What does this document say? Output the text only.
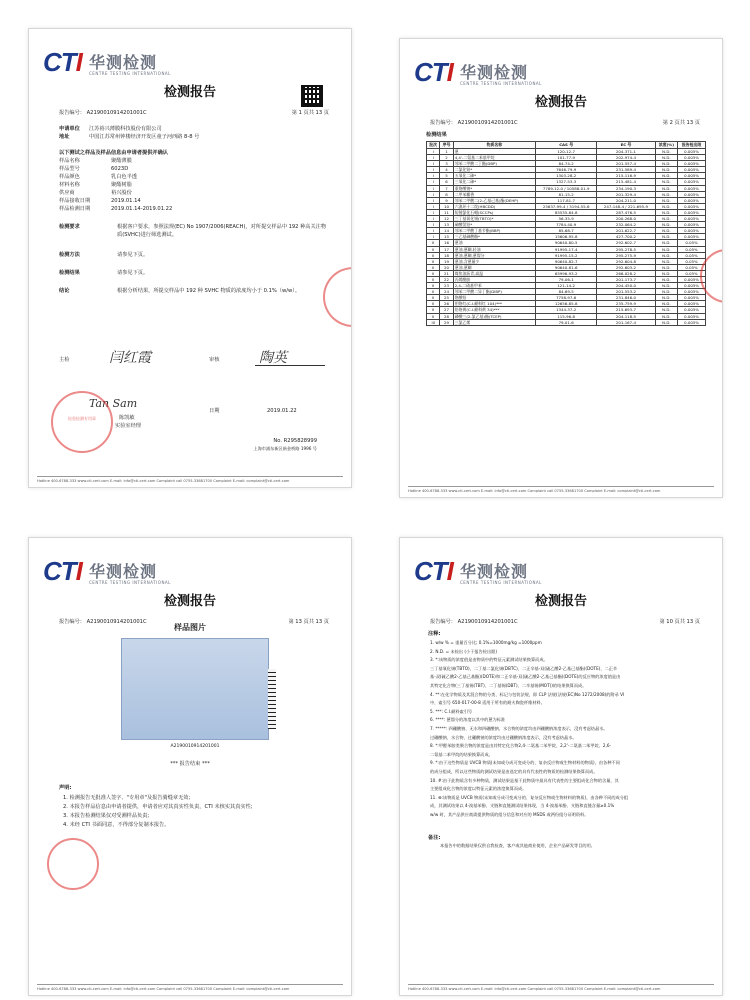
CTI 华测检测
CENTRE TESTING INTERNATIONAL
检测报告
报告编号： A2190010914201001C	第 1 页共 13 页
申请单位 江苏裕兴薄膜科技股份有限公司
地址	中国江苏常州钟楼经济开发区童子河西路 8-8 号
以下测试之样品及样品信息由申请者提供并确认
样品名称	聚酯薄膜
样品型号	6023D
样品颜色	乳白色半透
材料名称	聚酯树脂
供应商	裕兴股份
样品接收日期	2019.01.14
样品检测日期	2019.01.14-2019.01.22
检测要求	根据客户要求，参照法规(EC) No 1907/2006(REACH)，对所提交样品中 192 种高关注物质(SVHC)进行筛选测试。
检测方法	请参见下页。
检测结果	请参见下页。
结论	根据分析结果，所提交样品中 192 种 SVHC 物质的浓度均小于 0.1%（w/w）。
主检	闫红霞	审核	陶英
Tan Sam
陈凯敏
实验室经理
日期	2019.01.22
No. R295828999
上海市浦东新区新金桥路 1996 号
检验检测专用章
Hotline 400-6788-333 www.cti-cert.com E-mail: info@cti-cert.com Complaint call 0755-33681700 Complaint E-mail: complaint@cti-cert.com
CTI 华测检测
CENTRE TESTING INTERNATIONAL
检测报告
报告编号： A2190010914201001C	第 2 页共 13 页
检测结果
批次	序号	物质名称	CAS 号	EC 号	浓度(%)	报告检出限
I	1	蒽	120-12-7	204-371-1	N.D.	0.005%
I	2	4,4'-二氨基二苯基甲烷	101-77-9	202-974-4	N.D.	0.005%
I	3	邻苯二甲酸二丁酯(DBP)	84-74-2	201-557-4	N.D.	0.005%
I	4	二氯化钴*	7646-79-9	231-589-4	N.D.	0.005%
I	5	五氧化二砷*	1303-28-2	215-116-9	N.D.	0.005%
I	6	三氧化二砷*	1327-53-3	215-481-4	N.D.	0.005%
I	7	重铬酸钠*	7789-12-0 / 10588-01-9	234-190-3	N.D.	0.005%
I	8	二甲苯麝香	81-15-2	201-329-4	N.D.	0.005%
I	9	邻苯二甲酸二(2-乙基己基)酯(DEHP)	117-81-7	204-211-0	N.D.	0.005%
I	10	六溴环十二烷(HBCDD)	25637-99-4 / 3194-55-6	247-148-4 / 221-695-9	N.D.	0.005%
I	11	短链氯化石蜡(SCCPs)	85535-84-8	287-476-5	N.D.	0.005%
I	12	三丁基氧化锡(TBTO)*	56-35-9	200-268-0	N.D.	0.005%
I	13	砷酸氢铅*	7784-40-9	232-064-2	N.D.	0.005%
I	14	邻苯二甲酸丁基苄酯(BBP)	85-68-7	201-622-7	N.D.	0.005%
I	15	三乙基砷酸酯*	15606-95-8	427-700-2	N.D.	0.005%
II	16	蒽油	90640-80-5	292-602-7	N.D.	0.05%
II	17	蒽油,蒽糊,轻油	91995-17-4	295-278-5	N.D.	0.05%
II	18	蒽油,蒽糊,蒽馏分	91995-15-2	295-275-9	N.D.	0.05%
II	19	蒽油,含蒽量少	90640-82-7	292-604-8	N.D.	0.05%
II	20	蒽油,蒽糊	90640-81-6	292-603-2	N.D.	0.05%
II	21	煤焦油沥青,高温	65996-93-2	266-028-2	N.D.	0.05%
II	22	丙烯酰胺	79-06-1	201-173-7	N.D.	0.005%
II	23	2,4-二硝基甲苯	121-14-2	204-450-0	N.D.	0.005%
II	24	邻苯二甲酸二异丁酯(DIBP)	84-69-5	201-553-2	N.D.	0.005%
II	25	铬酸铅	7758-97-6	231-846-0	N.D.	0.005%
II	26	钼铬红(C.I.颜料红 104)***	12656-85-8	235-759-9	N.D.	0.005%
II	27	铅铬黄(C.I.颜料黄 34)***	1344-37-2	215-693-7	N.D.	0.005%
II	28	磷酸三(2-氯乙基)酯(TCEP)	115-96-8	204-118-5	N.D.	0.005%
III	29	三氯乙烯	79-01-6	201-167-4	N.D.	0.005%
Hotline 400-6788-333 www.cti-cert.com E-mail: info@cti-cert.com Complaint call 0755-33681700 Complaint E-mail: complaint@cti-cert.com
CTI 华测检测
CENTRE TESTING INTERNATIONAL
检测报告
报告编号： A2190010914201001C	第 13 页共 13 页
样品图片
A2190010914201001
*** 报告结束 ***
声明:
1. 检测报告无批准人签字、"专用章"及报告骑缝章无效;
2. 本报告样品信息由申请者提供，申请者应对其真实性负责，CTI 未核实其真实性;
3. 本报告检测结果仅对受测样品负责;
4. 未经 CTI 书面同意，不得部分复制本报告。
Hotline 400-6788-333 www.cti-cert.com E-mail: info@cti-cert.com Complaint call 0755-33681700 Complaint E-mail: complaint@cti-cert.com
CTI 华测检测
CENTRE TESTING INTERNATIONAL
检测报告
报告编号： A2190010914201001C	第 10 页共 13 页
注释:
1. w/w % = 重量百分比; 0.1%=1000mg/kg =1000ppm
2. N.D. = 未检出 (小于报告检出限)
3. *:该物质的浓度值是由物质中的特征元素测试结果换算而成。
三丁基氧化锡(TBTO)、二丁基二氯化锡(DBTC)、二正辛基-双(硫乙酸2-乙基己基酯)(DOTE)、二正辛
基-双(硫乙酸2-乙基己基酯)(DOTE)和二正辛基-双(硫乙酸2-乙基己基酯)(DOTE)的反应物的浓度值是由
其特定化合物(三丁基锡(TBT)、二丁基锡(DBT)、二辛基锡(MOT))的结果换算而成。
4. **:在化学物质及其混合物的分类、标记与包装法规，即 CLP 法规(法规(EC)No 1272/2008)的附录 VI
中，索引号 650-017-00-8 适用于所有的耐火陶瓷纤维材料。
5. ***: C.I.颜料索引号
6. ****: 蒽馏分的浓度以其中的蒽为标准
7. *****: 四硼酸钠、无水和四硼酸钠、水合物的浓度均由四硼酸钠浓度表示，没有考虑结晶水。
过硼酸钠、水合物、过硼酸钠的浓度均由过硼酸钠浓度表示，没有考虑结晶水。
8. *:甲醛苯胺类聚合物的浓度是由其特定化合物2,4-二氨基二苯甲烷、2,2'-二氨基二苯甲烷、2,6-
二氨基二苯甲烷的结果换算而成。
9. *:由于这些物质是 UVCB 物质(未知或分成可变成分的、复杂反应物或生物材料的物质)，由各种不同
的成分组成，所以这些物质的测试结果是由选定的具有代表性的物质的检测结果换算而成。
10. #:由于此物质含有多种物质，测试结果是基于此物质中最具有代表性的主要组成化合物的含量，其
主要组成化合物的浓度以特征元素的浓度换算而成。
11. ⊗:该物质是 UVCB 物质(未知或分成可变成分的、复杂反应物或生物材料的物质)，由各种不同的成分组
成，其测试结果以 4-溴基苯酚、支链和直链测试结果体现，当 4-溴基苯酚、支链和直链含量≥0.1%
w/w 时，其产品供应商需提供物质的组分信息和对应的 MSDS 或两份组分证明资料。
备注:
本报告中的数据结果仅供自我检查，客户或其他商业使用，企业产品研发等目的用。
Hotline 400-6788-333 www.cti-cert.com E-mail: info@cti-cert.com Complaint call 0755-33681700 Complaint E-mail: complaint@cti-cert.com
